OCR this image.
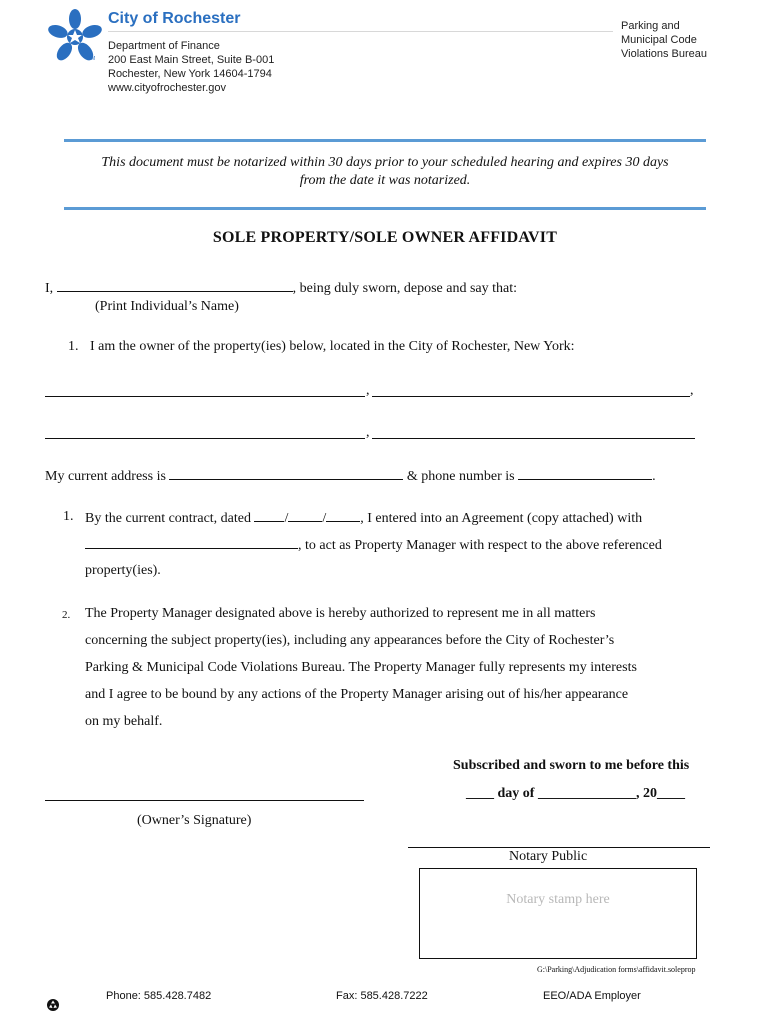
TM
City of Rochester
Department of Finance
200 East Main Street, Suite B-001
Rochester, New York 14604-1794
www.cityofrochester.gov
Parking and
Municipal Code
Violations Bureau
This document must be notarized within 30 days prior to your scheduled hearing and expires 30 days
from the date it was notarized.
SOLE PROPERTY/SOLE OWNER AFFIDAVIT
I,	, being duly sworn, depose and say that:
(Print Individual’s Name)
1. I am the owner of the property(ies) below, located in the City of Rochester, New York:
,	,
,
My current address is	& phone number is	.
1. By the current contract, dated / / , I entered into an Agreement (copy attached) with
, to act as Property Manager with respect to the above referenced
property(ies).
2. The Property Manager designated above is hereby authorized to represent me in all matters
concerning the subject property(ies), including any appearances before the City of Rochester’s
Parking & Municipal Code Violations Bureau. The Property Manager fully represents my interests
and I agree to be bound by any actions of the Property Manager arising out of his/her appearance
on my behalf.
Subscribed and sworn to me before this
____ day of ______________, 20____
(Owner’s Signature)
Notary Public
Notary stamp here
G:\Parking\Adjudication forms\affidavit.soleprop
Phone: 585.428.7482	Fax: 585.428.7222	EEO/ADA Employer
